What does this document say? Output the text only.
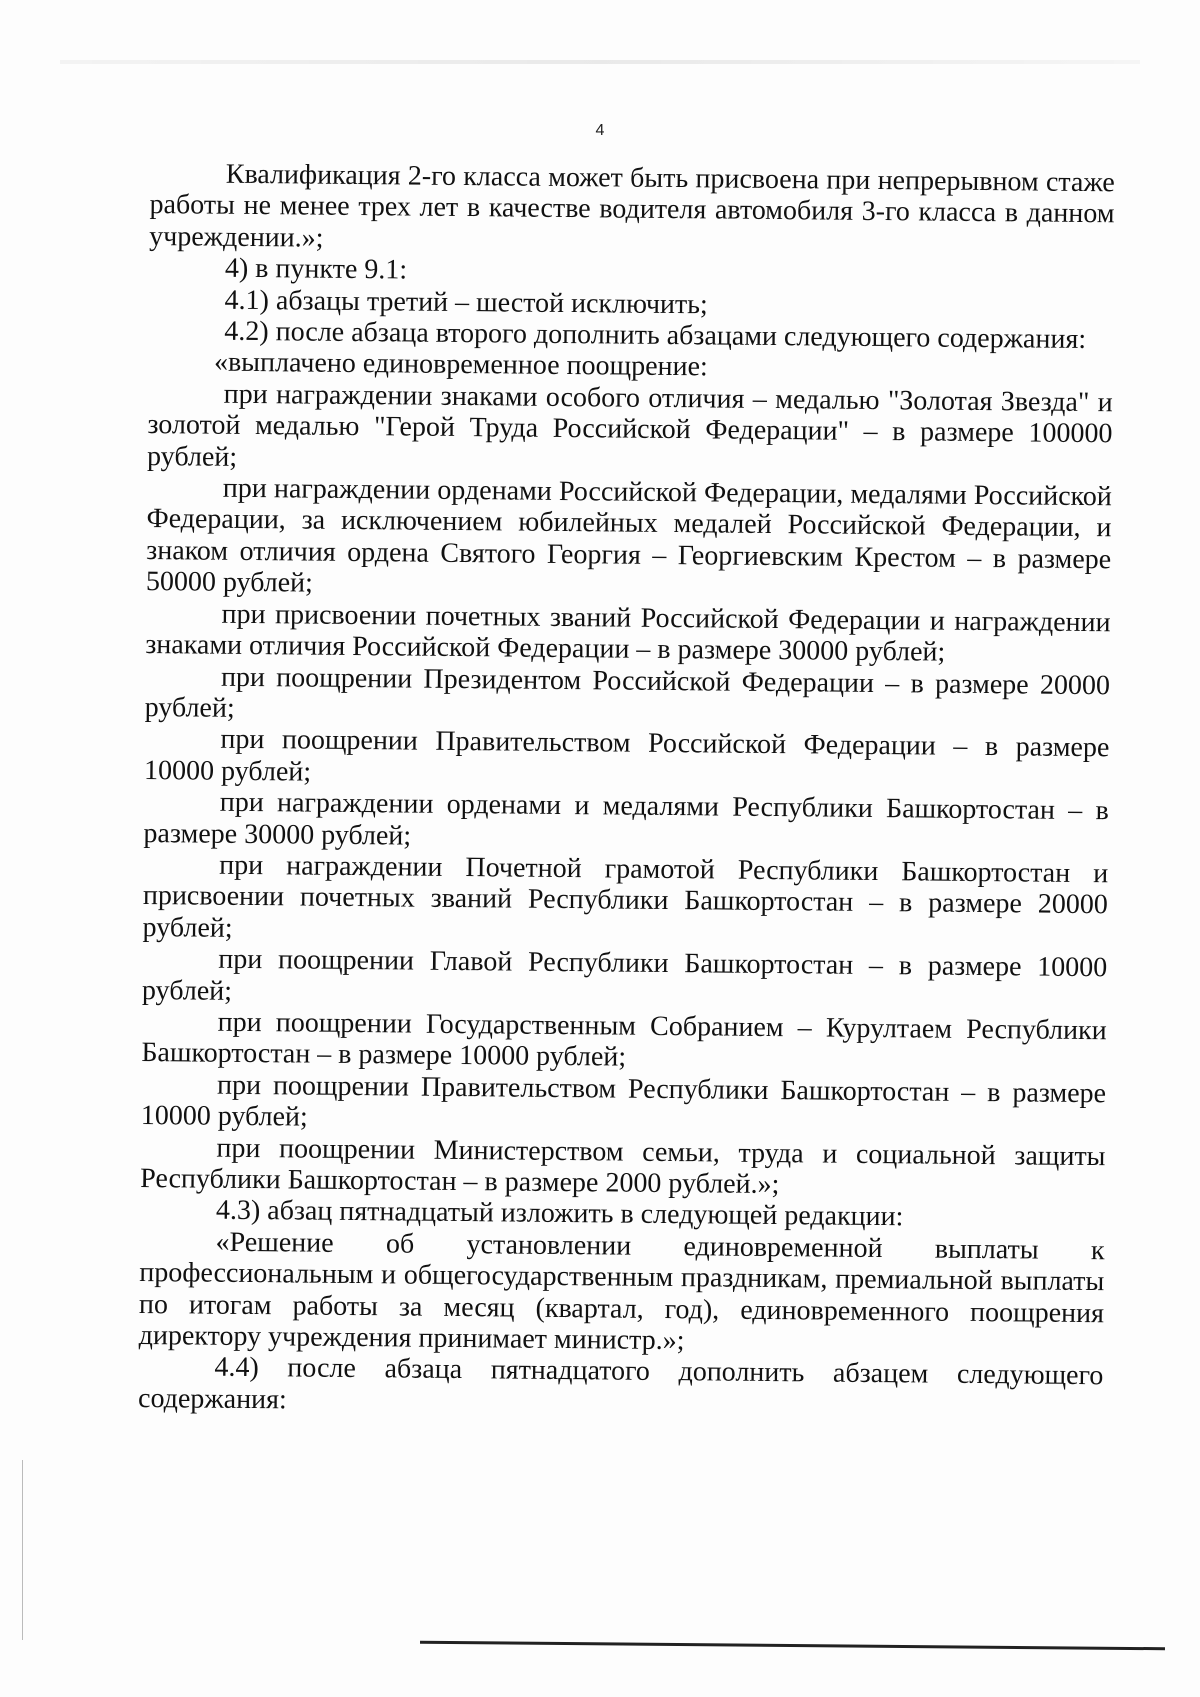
4

Квалификация 2-го класса может быть присвоена при непрерывном стаже работы не менее трех лет в качестве водителя автомобиля 3-го класса в данном учреждении.»;

4) в пункте 9.1:

4.1) абзацы третий – шестой исключить;

4.2) после абзаца второго дополнить абзацами следующего содержания:

«выплачено единовременное поощрение:

при награждении знаками особого отличия – медалью "Золотая Звезда" и золотой медалью "Герой Труда Российской Федерации" – в размере 100000 рублей;

при награждении орденами Российской Федерации, медалями Российской Федерации, за исключением юбилейных медалей Российской Федерации, и знаком отличия ордена Святого Георгия – Георгиевским Крестом – в размере 50000 рублей;

при присвоении почетных званий Российской Федерации и награждении знаками отличия Российской Федерации – в размере 30000 рублей;

при поощрении Президентом Российской Федерации – в размере 20000 рублей;

при поощрении Правительством Российской Федерации – в размере 10000 рублей;

при награждении орденами и медалями Республики Башкортостан – в размере 30000 рублей;

при награждении Почетной грамотой Республики Башкортостан и присвоении почетных званий Республики Башкортостан – в размере 20000 рублей;

при поощрении Главой Республики Башкортостан – в размере 10000 рублей;

при поощрении Государственным Собранием – Курултаем Республики Башкортостан – в размере 10000 рублей;

при поощрении Правительством Республики Башкортостан – в размере 10000 рублей;

при поощрении Министерством семьи, труда и социальной защиты Республики Башкортостан – в размере 2000 рублей.»;

4.3) абзац пятнадцатый изложить в следующей редакции:

«Решение об установлении единовременной выплаты к профессиональным и общегосударственным праздникам, премиальной выплаты по итогам работы за месяц (квартал, год), единовременного поощрения директору учреждения принимает министр.»;

4.4) после абзаца пятнадцатого дополнить абзацем следующего содержания:
